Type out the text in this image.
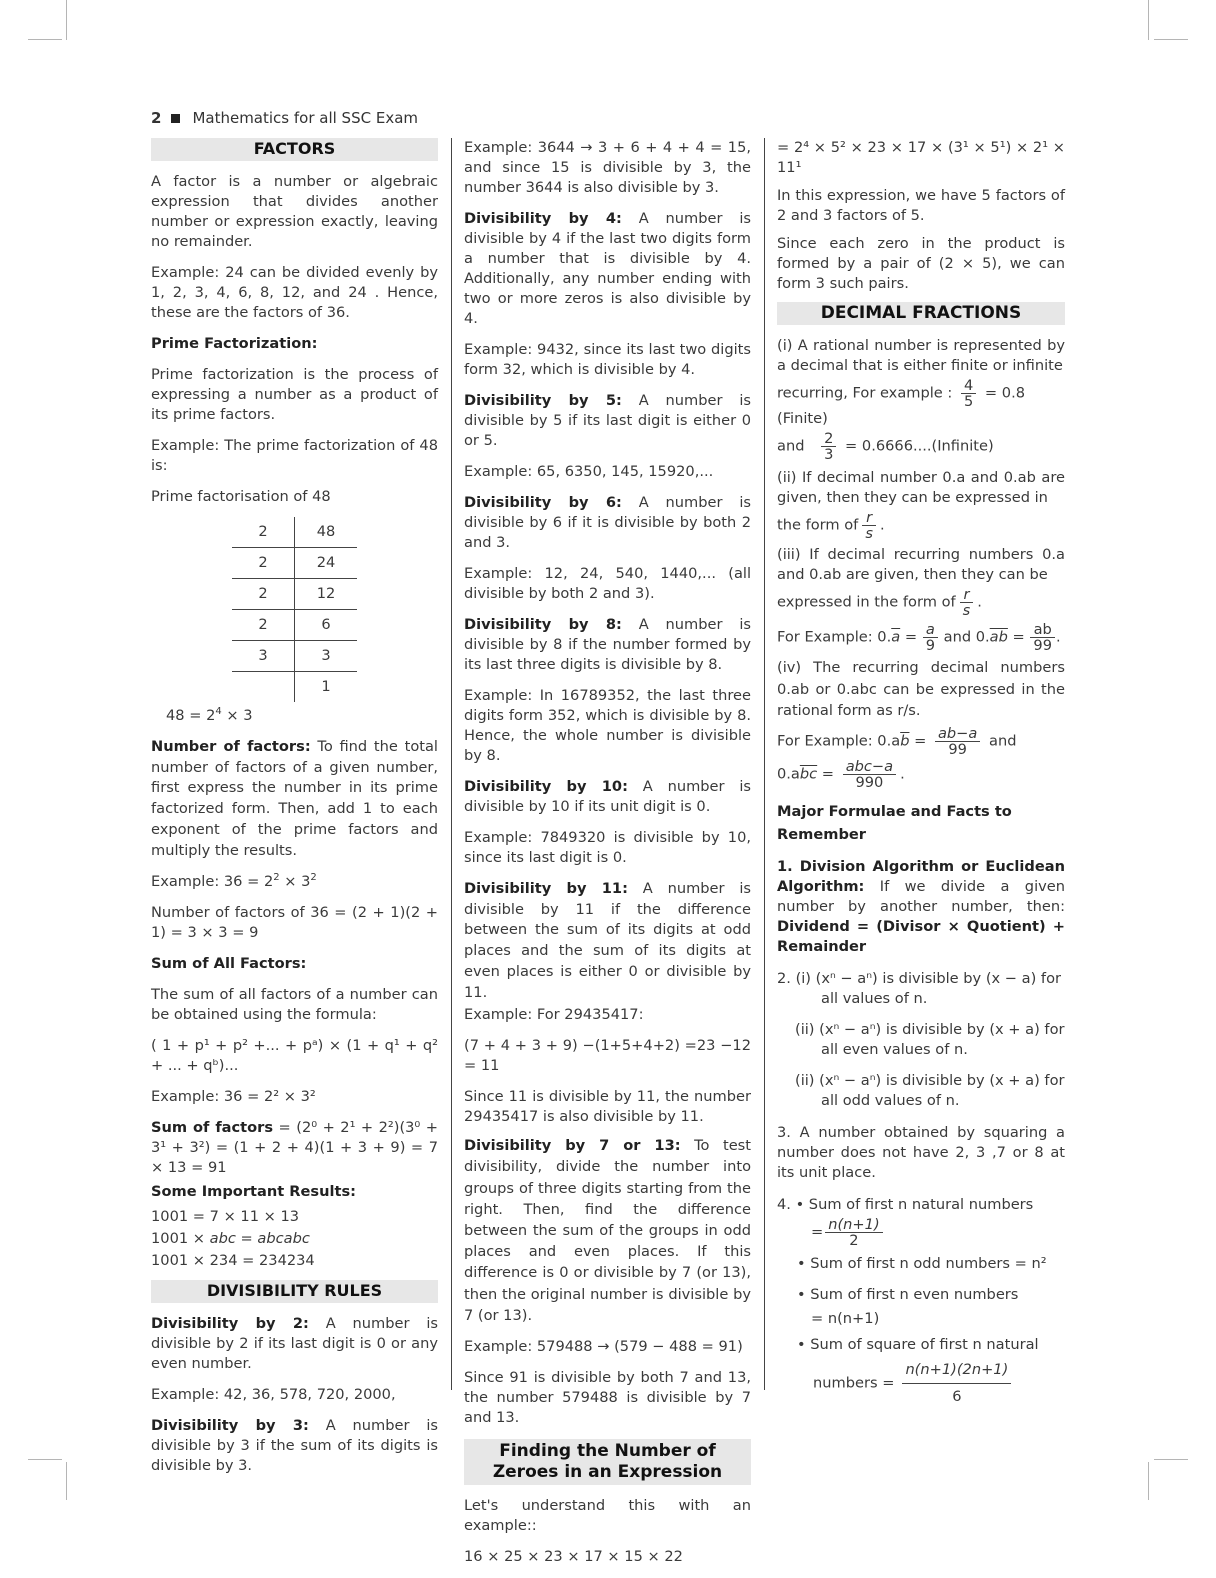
2 Mathematics for all SSC Exam
FACTORS

A factor is a number or algebraic expression that divides another number or expression exactly, leaving no remainder.

Example: 24 can be divided evenly by 1, 2, 3, 4, 6, 8, 12, and 24 . Hence, these are the factors of 36.

Prime Factorization:

Prime factorization is the process of expressing a number as a product of its prime factors.

Example: The prime factorization of 48 is:

Prime factorisation of 48

2	48
2	24
2	12
2	6
3	3
	1

$48 = 2^4 \times 3$

Number of factors: To find the total number of factors of a given number, first express the number in its prime factorized form. Then, add 1 to each exponent of the prime factors and multiply the results.

Example: $36 = 2^2 \times 3^2$

Number of factors of 36 = (2 + 1)(2 + 1) = 3 × 3 = 9

Sum of All Factors:

The sum of all factors of a number can be obtained using the formula:

( 1 + p¹ + p² +... + pᵃ) × (1 + q¹ + q² + ... + qᵇ)...

Example: 36 = 2² × 3²

Sum of factors = (2⁰ + 2¹ + 2²)(3⁰ + 3¹ + 3²) = (1 + 2 + 4)(1 + 3 + 9) = 7 × 13 = 91

Some Important Results:
1001 = 7 × 11 × 13
1001 × abc = abcabc
1001 × 234 = 234234
DIVISIBILITY RULES

Divisibility by 2: A number is divisible by 2 if its last digit is 0 or any even number.

Example: 42, 36, 578, 720, 2000,

Divisibility by 3: A number is divisible by 3 if the sum of its digits is divisible by 3.

Example: 3644 → 3 + 6 + 4 + 4 = 15, and since 15 is divisible by 3, the number 3644 is also divisible by 3.

Divisibility by 4: A number is divisible by 4 if the last two digits form a number that is divisible by 4. Additionally, any number ending with two or more zeros is also divisible by 4.

Example: 9432, since its last two digits form 32, which is divisible by 4.

Divisibility by 5: A number is divisible by 5 if its last digit is either 0 or 5.

Example: 65, 6350, 145, 15920,...

Divisibility by 6: A number is divisible by 6 if it is divisible by both 2 and 3.

Example: 12, 24, 540, 1440,... (all divisible by both 2 and 3).

Divisibility by 8: A number is divisible by 8 if the number formed by its last three digits is divisible by 8.

Example: In 16789352, the last three digits form 352, which is divisible by 8. Hence, the whole number is divisible by 8.

Divisibility by 10: A number is divisible by 10 if its unit digit is 0.

Example: 7849320 is divisible by 10, since its last digit is 0.

Divisibility by 11: A number is divisible by 11 if the difference between the sum of its digits at odd places and the sum of its digits at even places is either 0 or divisible by 11.

Example: For 29435417:

(7 + 4 + 3 + 9) −(1+5+4+2) =23 −12 = 11

Since 11 is divisible by 11, the number 29435417 is also divisible by 11.

Divisibility by 7 or 13: To test divisibility, divide the number into groups of three digits starting from the right. Then, find the difference between the sum of the groups in odd places and even places. If this difference is 0 or divisible by 7 (or 13), then the original number is divisible by 7 (or 13).

Example: 579488 → (579 − 488 = 91)

Since 91 is divisible by both 7 and 13, the number 579488 is divisible by 7 and 13.

Finding the Number of Zeroes in an Expression

Let's understand this with an example::

16 × 25 × 23 × 17 × 15 × 22

= 2⁴ × 5² × 23 × 17 × (3¹ × 5¹) × 2¹ × 11¹

In this expression, we have 5 factors of 2 and 3 factors of 5.

Since each zero in the product is formed by a pair of (2 × 5), we can form 3 such pairs.

DECIMAL FRACTIONS

(i) A rational number is represented by a decimal that is either finite or infinite

recurring, For example : $\frac{4}{5} = 0.8$ (Finite)
and $\frac{2}{3}$ = 0.6666....(Infinite)

(ii) If decimal number 0.a and 0.ab are given, then they can be expressed in

the form of $\frac{r}{s}$ .

(iii) If decimal recurring numbers 0.a and 0.ab are given, then they can be

expressed in the form of $\frac{r}{s}$ .
For Example: $0.\overline{a} = \frac{a}{9}$ and $0.\overline{ab} = \frac{ab}{99}$ .

(iv) The recurring decimal numbers 0.ab or 0.abc can be expressed in the rational form as r/s.

For Example: $0.a\overline{b} = \frac{ab-a}{99}$ and
$0.a\overline{bc} = \frac{\text{abc−a}}{990}$ .
Major Formulae and Facts to Remember

1. Division Algorithm or Euclidean Algorithm: If we divide a given number by another number, then: Dividend = (Divisor × Quotient) + Remainder

2. (i) (xⁿ − aⁿ) is divisible by (x − a) for all values of n.

(ii) (xⁿ − aⁿ) is divisible by (x + a) for all even values of n.

(ii) (xⁿ − aⁿ) is divisible by (x + a) for all odd values of n.

3. A number obtained by squaring a number does not have 2, 3 ,7 or 8 at its unit place.

4. • Sum of first n natural numbers
= $\frac{n(n+1)}{2}$

• Sum of first n odd numbers = n²

• Sum of first n even numbers

= n(n+1)

• Sum of square of first n natural

numbers = $\frac{n(n+1)(2n+1)}{6}$
